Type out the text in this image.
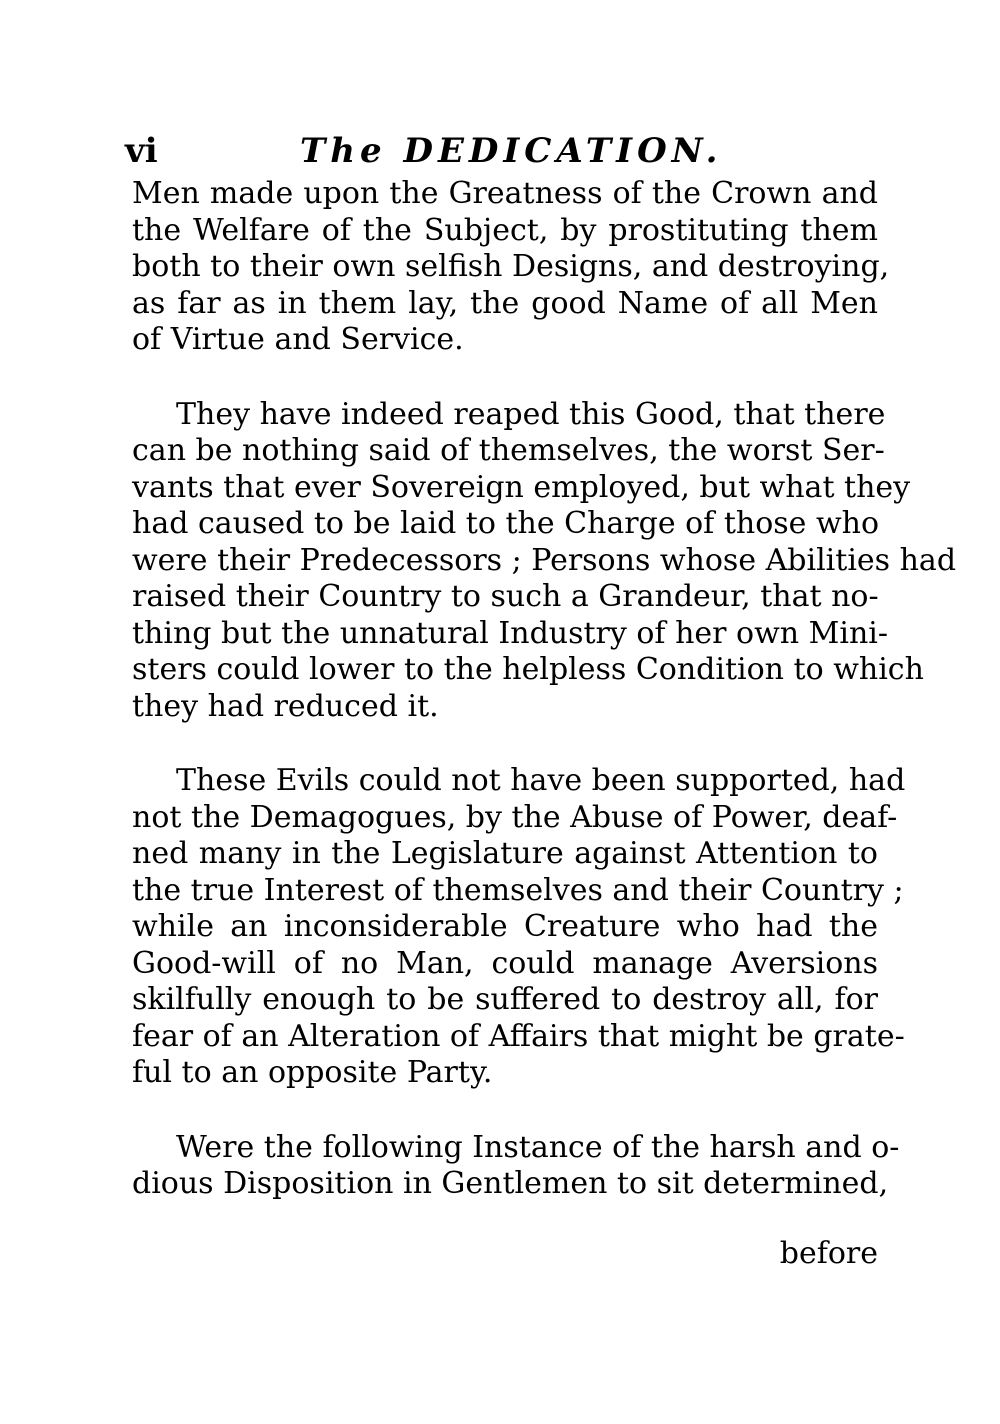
vi	The DEDICATION.
Men made upon the Greatness of the Crown and
the Welfare of the Subject, by prostituting them
both to their own selfish Designs, and destroying,
as far as in them lay, the good Name of all Men
of Virtue and Service.
They have indeed reaped this Good, that there
can be nothing said of themselves, the worst Ser-
vants that ever Sovereign employed, but what they
had caused to be laid to the Charge of those who
were their Predecessors ; Persons whose Abilities had
raised their Country to such a Grandeur, that no-
thing but the unnatural Industry of her own Mini-
sters could lower to the helpless Condition to which
they had reduced it.
These Evils could not have been supported, had
not the Demagogues, by the Abuse of Power, deaf-
ned many in the Legislature against Attention to
the true Interest of themselves and their Country ;
while an inconsiderable Creature who had the
Good-will of no Man, could manage Aversions
skilfully enough to be suffered to destroy all, for
fear of an Alteration of Affairs that might be grate-
ful to an opposite Party.
Were the following Instance of the harsh and o-
dious Disposition in Gentlemen to sit determined,
before
